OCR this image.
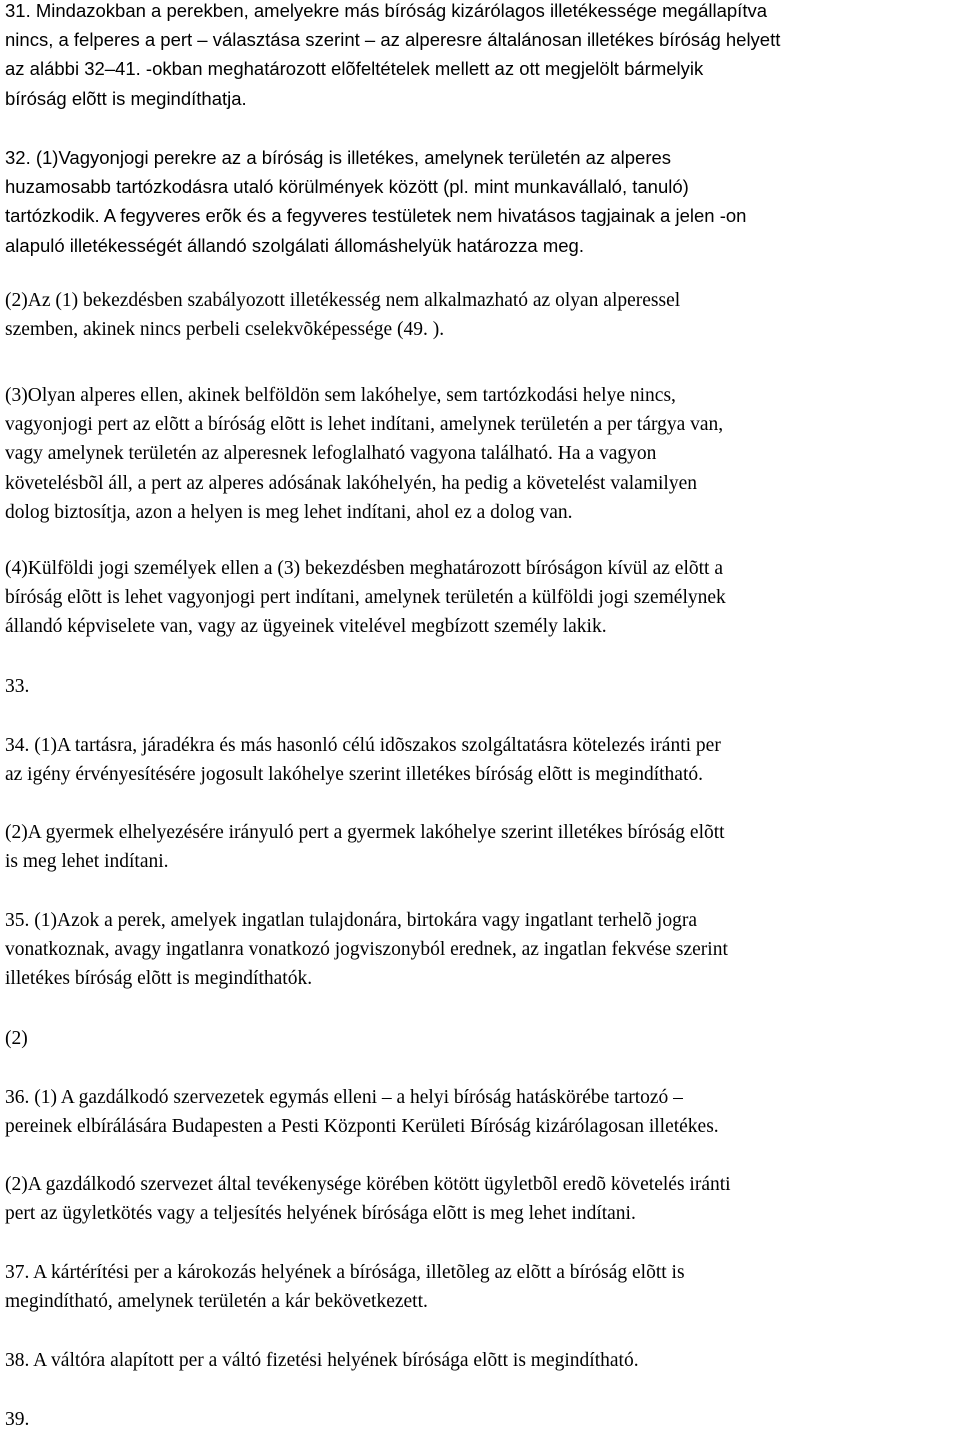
31. Mindazokban a perekben, amelyekre más bíróság kizárólagos illetékessége megállapítva
nincs, a felperes a pert – választása szerint – az alperesre általánosan illetékes bíróság helyett
az alábbi 32–41. -okban meghatározott elõfeltételek mellett az ott megjelölt bármelyik
bíróság elõtt is megindíthatja.

32. (1)Vagyonjogi perekre az a bíróság is illetékes, amelynek területén az alperes
huzamosabb tartózkodásra utaló körülmények között (pl. mint munkavállaló, tanuló)
tartózkodik. A fegyveres erõk és a fegyveres testületek nem hivatásos tagjainak a jelen -on
alapuló illetékességét állandó szolgálati állomáshelyük határozza meg.

(2)Az (1) bekezdésben szabályozott illetékesség nem alkalmazható az olyan alperessel
szemben, akinek nincs perbeli cselekvõképessége (49. ).

(3)Olyan alperes ellen, akinek belföldön sem lakóhelye, sem tartózkodási helye nincs,
vagyonjogi pert az elõtt a bíróság elõtt is lehet indítani, amelynek területén a per tárgya van,
vagy amelynek területén az alperesnek lefoglalható vagyona található. Ha a vagyon
követelésbõl áll, a pert az alperes adósának lakóhelyén, ha pedig a követelést valamilyen
dolog biztosítja, azon a helyen is meg lehet indítani, ahol ez a dolog van.

(4)Külföldi jogi személyek ellen a (3) bekezdésben meghatározott bíróságon kívül az elõtt a
bíróság elõtt is lehet vagyonjogi pert indítani, amelynek területén a külföldi jogi személynek
állandó képviselete van, vagy az ügyeinek vitelével megbízott személy lakik.

33.

34. (1)A tartásra, járadékra és más hasonló célú idõszakos szolgáltatásra kötelezés iránti per
az igény érvényesítésére jogosult lakóhelye szerint illetékes bíróság elõtt is megindítható.

(2)A gyermek elhelyezésére irányuló pert a gyermek lakóhelye szerint illetékes bíróság elõtt
is meg lehet indítani.

35. (1)Azok a perek, amelyek ingatlan tulajdonára, birtokára vagy ingatlant terhelõ jogra
vonatkoznak, avagy ingatlanra vonatkozó jogviszonyból erednek, az ingatlan fekvése szerint
illetékes bíróság elõtt is megindíthatók.

(2)

36. (1) A gazdálkodó szervezetek egymás elleni – a helyi bíróság hatáskörébe tartozó –
pereinek elbírálására Budapesten a Pesti Központi Kerületi Bíróság kizárólagosan illetékes.

(2)A gazdálkodó szervezet által tevékenysége körében kötött ügyletbõl eredõ követelés iránti
pert az ügyletkötés vagy a teljesítés helyének bírósága elõtt is meg lehet indítani.

37. A kártérítési per a károkozás helyének a bírósága, illetõleg az elõtt a bíróság elõtt is
megindítható, amelynek területén a kár bekövetkezett.

38. A váltóra alapított per a váltó fizetési helyének bírósága elõtt is megindítható.

39.
